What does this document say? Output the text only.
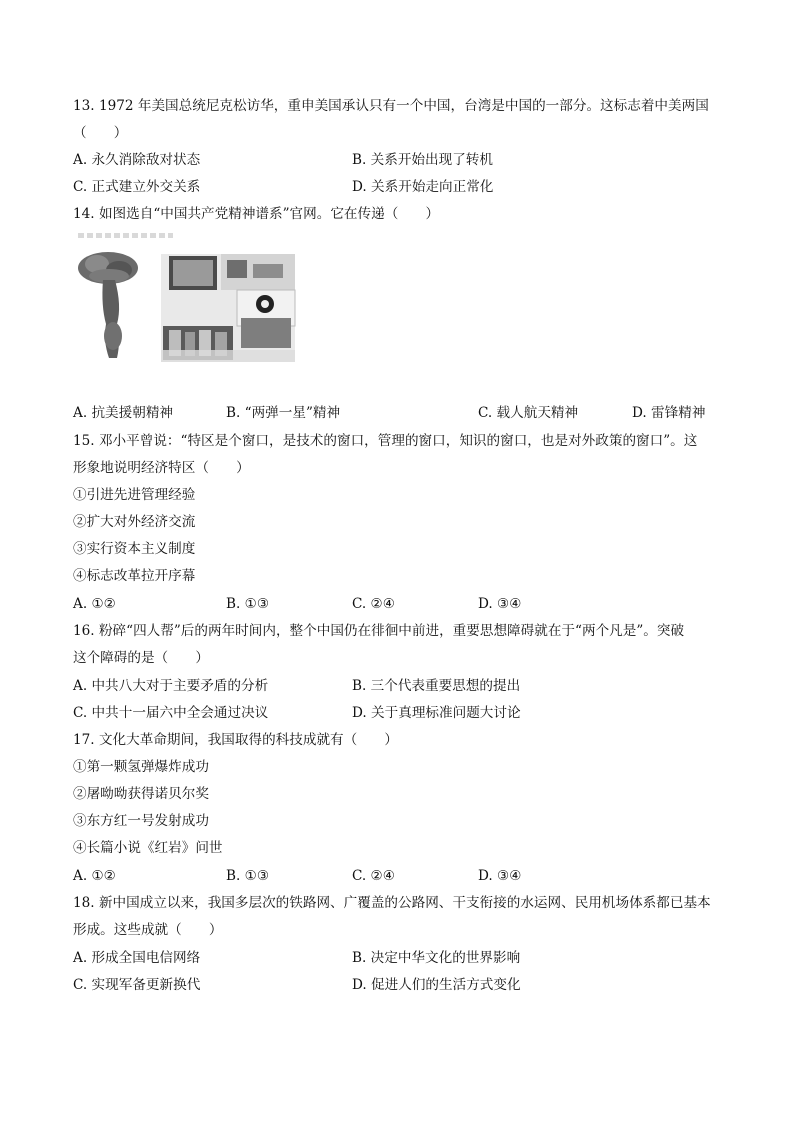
13. 1972 年美国总统尼克松访华，重申美国承认只有一个中国，台湾是中国的一部分。这标志着中美两国
（　　）
A. 永久消除敌对状态	B. 关系开始出现了转机
C. 正式建立外交关系	D. 关系开始走向正常化
14. 如图选自“中国共产党精神谱系”官网。它在传递（　　）
A. 抗美援朝精神	B. “两弹一星”精神	C. 载人航天精神	D. 雷锋精神
15. 邓小平曾说：“特区是个窗口，是技术的窗口，管理的窗口，知识的窗口，也是对外政策的窗口”。这
形象地说明经济特区（　　）
①引进先进管理经验
②扩大对外经济交流
③实行资本主义制度
④标志改革拉开序幕
A. ①②	B. ①③	C. ②④	D. ③④
16. 粉碎“四人帮”后的两年时间内，整个中国仍在徘徊中前进，重要思想障碍就在于“两个凡是”。突破
这个障碍的是（　　）
A. 中共八大对于主要矛盾的分析	B. 三个代表重要思想的提出
C. 中共十一届六中全会通过决议	D. 关于真理标准问题大讨论
17. 文化大革命期间，我国取得的科技成就有（　　）
①第一颗氢弹爆炸成功
②屠呦呦获得诺贝尔奖
③东方红一号发射成功
④长篇小说《红岩》问世
A. ①②	B. ①③	C. ②④	D. ③④
18. 新中国成立以来，我国多层次的铁路网、广覆盖的公路网、干支衔接的水运网、民用机场体系都已基本
形成。这些成就（　　）
A. 形成全国电信网络	B. 决定中华文化的世界影响
C. 实现军备更新换代	D. 促进人们的生活方式变化
